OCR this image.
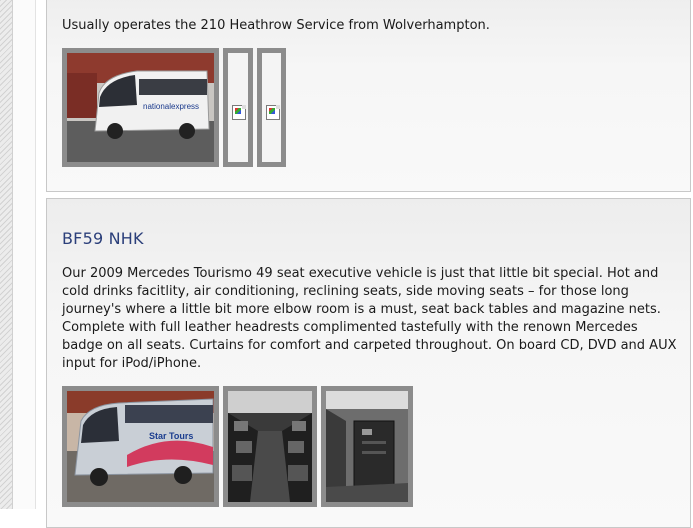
Usually operates the 210 Heathrow Service from Wolverhampton.
nationalexpress
BF59 NHK
Our 2009 Mercedes Tourismo 49 seat executive vehicle is just that little bit special. Hot and cold drinks facitlity, air conditioning, reclining seats, side moving seats – for those long journey's where a little bit more elbow room is a must, seat back tables and magazine nets. Complete with full leather headrests complimented tastefully with the renown Mercedes badge on all seats. Curtains for comfort and carpeted throughout. On board CD, DVD and AUX input for iPod/iPhone.
Star Tours
